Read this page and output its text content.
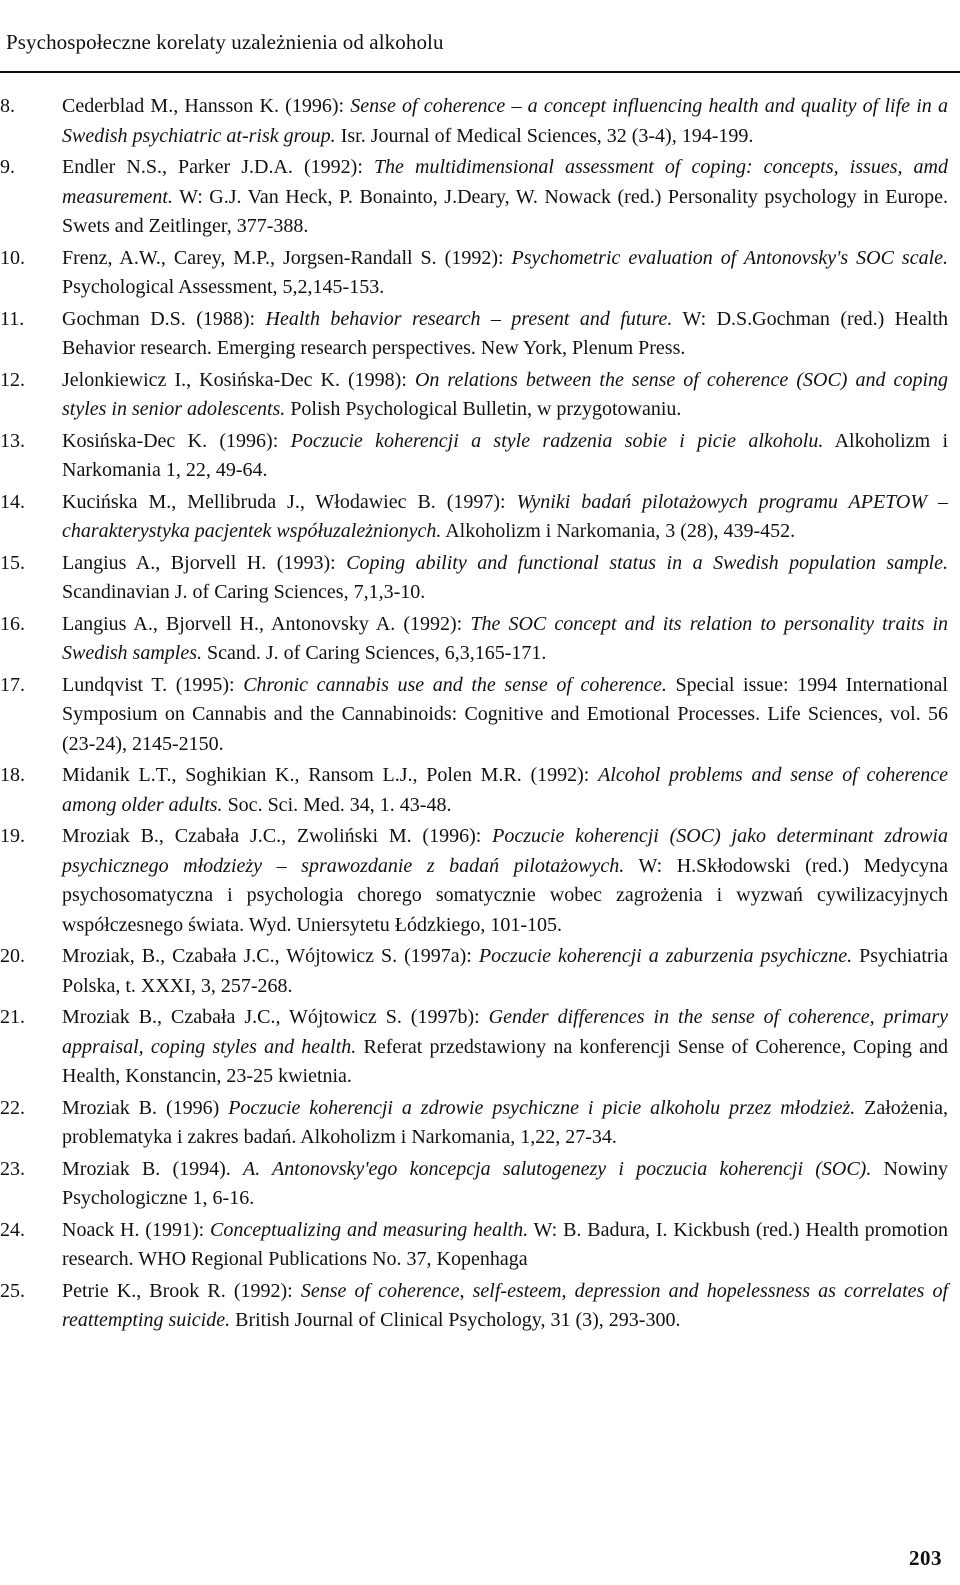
Psychospołeczne korelaty uzależnienia od alkoholu
8.	Cederblad M., Hansson K. (1996): Sense of coherence – a concept influencing health and quality of life in a Swedish psychiatric at-risk group. Isr. Journal of Medical Sciences, 32 (3-4), 194-199.
9.	Endler N.S., Parker J.D.A. (1992): The multidimensional assessment of coping: concepts, issues, amd measurement. W: G.J. Van Heck, P. Bonainto, J.Deary, W. Nowack (red.) Personality psychology in Europe. Swets and Zeitlinger, 377-388.
10.	Frenz, A.W., Carey, M.P., Jorgsen-Randall S. (1992): Psychometric evaluation of Antonovsky's SOC scale. Psychological Assessment, 5,2,145-153.
11.	Gochman D.S. (1988): Health behavior research – present and future. W: D.S.Gochman (red.) Health Behavior research. Emerging research perspectives. New York, Plenum Press.
12.	Jelonkiewicz I., Kosińska-Dec K. (1998): On relations between the sense of coherence (SOC) and coping styles in senior adolescents. Polish Psychological Bulletin, w przygotowaniu.
13.	Kosińska-Dec K. (1996): Poczucie koherencji a style radzenia sobie i picie alkoholu. Alkoholizm i Narkomania 1, 22, 49-64.
14.	Kucińska M., Mellibruda J., Włodawiec B. (1997): Wyniki badań pilotażowych programu APETOW – charakterystyka pacjentek współuzależnionych. Alkoholizm i Narkomania, 3 (28), 439-452.
15.	Langius A., Bjorvell H. (1993): Coping ability and functional status in a Swedish population sample. Scandinavian J. of Caring Sciences, 7,1,3-10.
16.	Langius A., Bjorvell H., Antonovsky A. (1992): The SOC concept and its relation to personality traits in Swedish samples. Scand. J. of Caring Sciences, 6,3,165-171.
17.	Lundqvist T. (1995): Chronic cannabis use and the sense of coherence. Special issue: 1994 International Symposium on Cannabis and the Cannabinoids: Cognitive and Emotional Processes. Life Sciences, vol. 56 (23-24), 2145-2150.
18.	Midanik L.T., Soghikian K., Ransom L.J., Polen M.R. (1992): Alcohol problems and sense of coherence among older adults. Soc. Sci. Med. 34, 1. 43-48.
19.	Mroziak B., Czabała J.C., Zwoliński M. (1996): Poczucie koherencji (SOC) jako determinant zdrowia psychicznego młodzieży – sprawozdanie z badań pilotażowych. W: H.Skłodowski (red.) Medycyna psychosomatyczna i psychologia chorego somatycznie wobec zagrożenia i wyzwań cywilizacyjnych współczesnego świata. Wyd. Uniersytetu Łódzkiego, 101-105.
20.	Mroziak, B., Czabała J.C., Wójtowicz S. (1997a): Poczucie koherencji a zaburzenia psychiczne. Psychiatria Polska, t. XXXI, 3, 257-268.
21.	Mroziak B., Czabała J.C., Wójtowicz S. (1997b): Gender differences in the sense of coherence, primary appraisal, coping styles and health. Referat przedstawiony na konferencji Sense of Coherence, Coping and Health, Konstancin, 23-25 kwietnia.
22.	Mroziak B. (1996) Poczucie koherencji a zdrowie psychiczne i picie alkoholu przez młodzież. Założenia, problematyka i zakres badań. Alkoholizm i Narkomania, 1,22, 27-34.
23.	Mroziak B. (1994). A. Antonovsky'ego koncepcja salutogenezy i poczucia koherencji (SOC). Nowiny Psychologiczne 1, 6-16.
24.	Noack H. (1991): Conceptualizing and measuring health. W: B. Badura, I. Kickbush (red.) Health promotion research. WHO Regional Publications No. 37, Kopenhaga
25.	Petrie K., Brook R. (1992): Sense of coherence, self-esteem, depression and hopelessness as correlates of reattempting suicide. British Journal of Clinical Psychology, 31 (3), 293-300.
203
